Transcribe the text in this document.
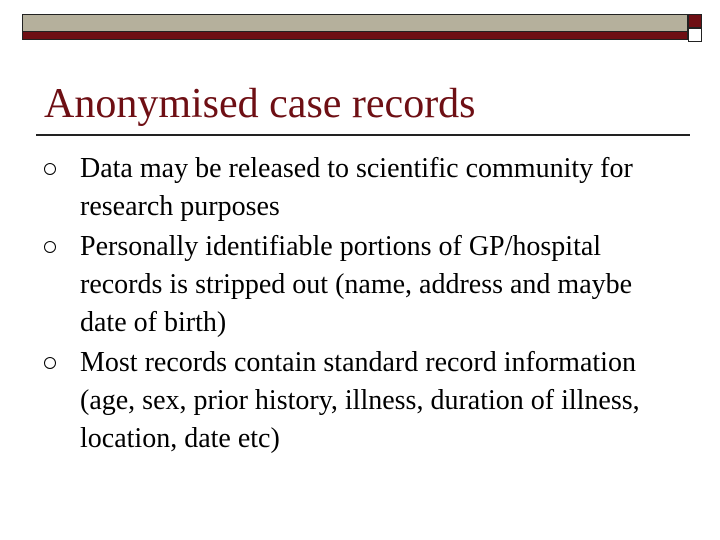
Anonymised case records
Data may be released to scientific community for research purposes
Personally identifiable portions of GP/hospital records is stripped out (name, address and maybe date of birth)
Most records contain standard record information (age, sex, prior history, illness, duration of illness, location, date etc)
